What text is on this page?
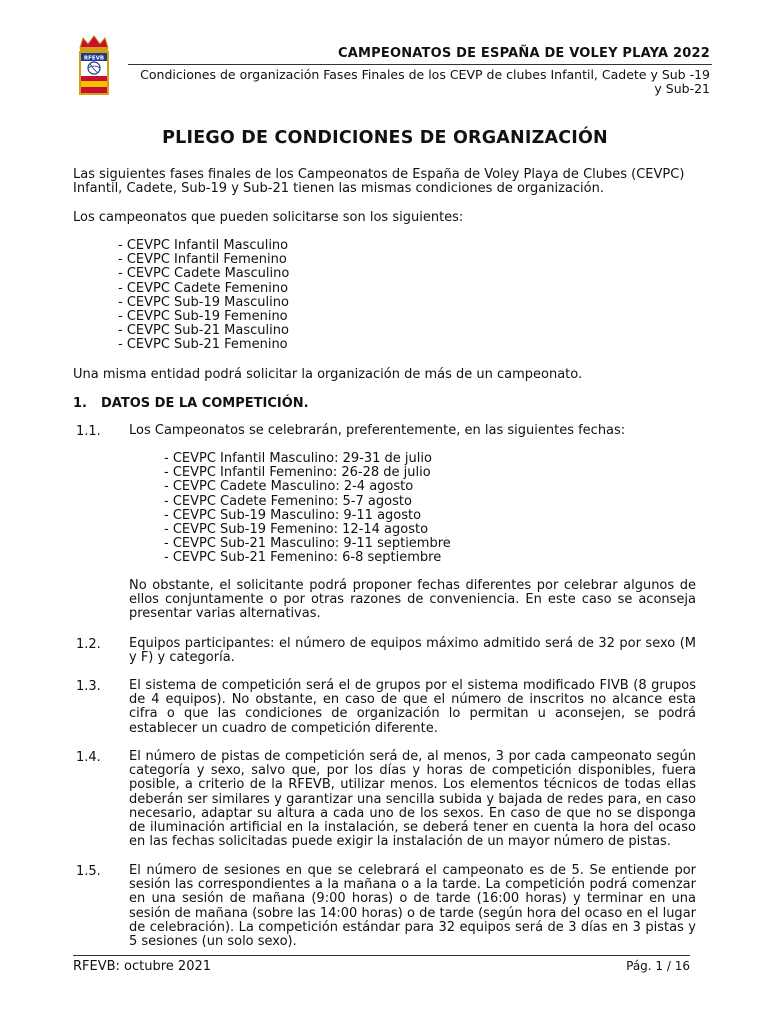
RFEVB	CAMPEONATOS DE ESPAÑA DE VOLEY PLAYA 2022
Condiciones de organización Fases Finales de los CEVP de clubes Infantil, Cadete y Sub -19 y Sub-21
PLIEGO DE CONDICIONES DE ORGANIZACIÓN

Las siguientes fases finales de los Campeonatos de España de Voley Playa de Clubes (CEVPC) Infantil, Cadete, Sub-19 y Sub-21 tienen las mismas condiciones de organización.

Los campeonatos que pueden solicitarse son los siguientes:

- CEVPC Infantil Masculino
- CEVPC Infantil Femenino
- CEVPC Cadete Masculino
- CEVPC Cadete Femenino
- CEVPC Sub-19 Masculino
- CEVPC Sub-19 Femenino
- CEVPC Sub-21 Masculino
- CEVPC Sub-21 Femenino

Una misma entidad podrá solicitar la organización de más de un campeonato.

1. DATOS DE LA COMPETICIÓN.
1.1.	Los Campeonatos se celebrarán, preferentemente, en las siguientes fechas:
- CEVPC Infantil Masculino: 29-31 de julio
- CEVPC Infantil Femenino: 26-28 de julio
- CEVPC Cadete Masculino: 2-4 agosto
- CEVPC Cadete Femenino: 5-7 agosto
- CEVPC Sub-19 Masculino: 9-11 agosto
- CEVPC Sub-19 Femenino: 12-14 agosto
- CEVPC Sub-21 Masculino: 9-11 septiembre
- CEVPC Sub-21 Femenino: 6-8 septiembre
No obstante, el solicitante podrá proponer fechas diferentes por celebrar algunos de ellos conjuntamente o por otras razones de conveniencia. En este caso se aconseja presentar varias alternativas.
1.2.	Equipos participantes: el número de equipos máximo admitido será de 32 por sexo (M y F) y categoría.
1.3.	El sistema de competición será el de grupos por el sistema modificado FIVB (8 grupos de 4 equipos). No obstante, en caso de que el número de inscritos no alcance esta cifra o que las condiciones de organización lo permitan u aconsejen, se podrá establecer un cuadro de competición diferente.
1.4.	El número de pistas de competición será de, al menos, 3 por cada campeonato según categoría y sexo, salvo que, por los días y horas de competición disponibles, fuera posible, a criterio de la RFEVB, utilizar menos. Los elementos técnicos de todas ellas deberán ser similares y garantizar una sencilla subida y bajada de redes para, en caso necesario, adaptar su altura a cada uno de los sexos. En caso de que no se disponga de iluminación artificial en la instalación, se deberá tener en cuenta la hora del ocaso en las fechas solicitadas puede exigir la instalación de un mayor número de pistas.
1.5.	El número de sesiones en que se celebrará el campeonato es de 5. Se entiende por sesión las correspondientes a la mañana o a la tarde. La competición podrá comenzar en una sesión de mañana (9:00 horas) o de tarde (16:00 horas) y terminar en una sesión de mañana (sobre las 14:00 horas) o de tarde (según hora del ocaso en el lugar de celebración). La competición estándar para 32 equipos será de 3 días en 3 pistas y 5 sesiones (un solo sexo).
RFEVB: octubre 2021	Pág. 1 / 16
